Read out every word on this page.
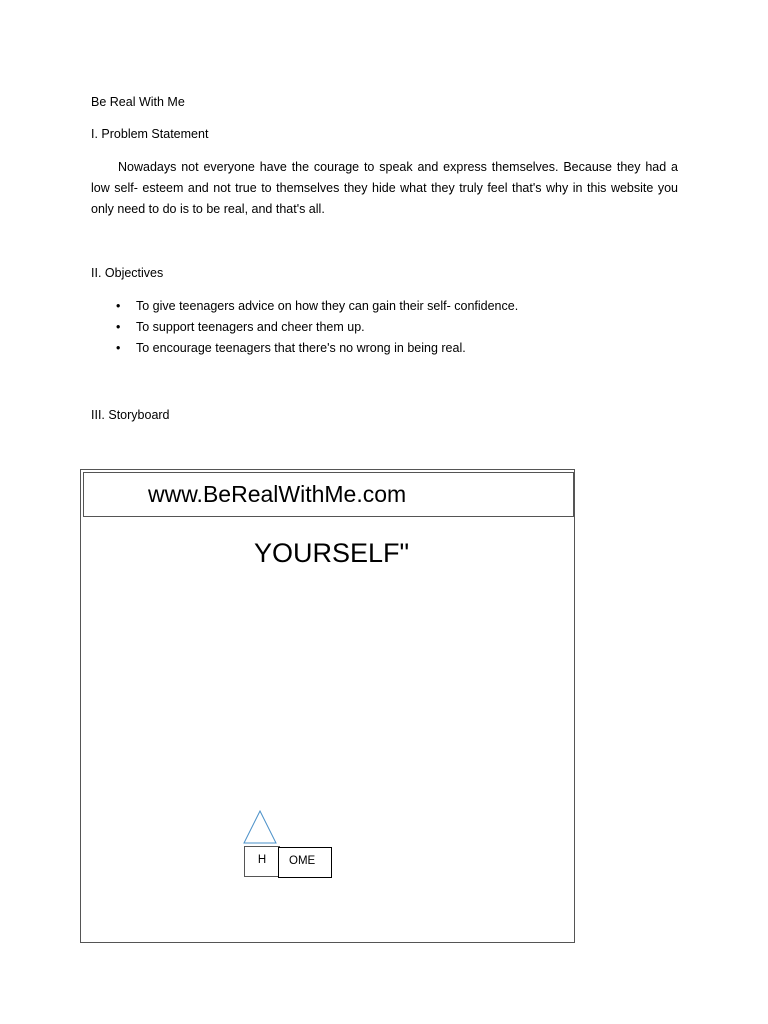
Be Real With Me

I. Problem Statement

Nowadays not everyone have the courage to speak and express themselves. Because they had a low self- esteem and not true to themselves they hide what they truly feel that's why in this website you only need to do is to be real, and that's all.

II. Objectives

• To give teenagers advice on how they can gain their self- confidence.
• To support teenagers and cheer them up.
• To encourage teenagers that there's no wrong in being real.

III. Storyboard

www.BeRealWithMe.com
YOURSELF"
H	OME
